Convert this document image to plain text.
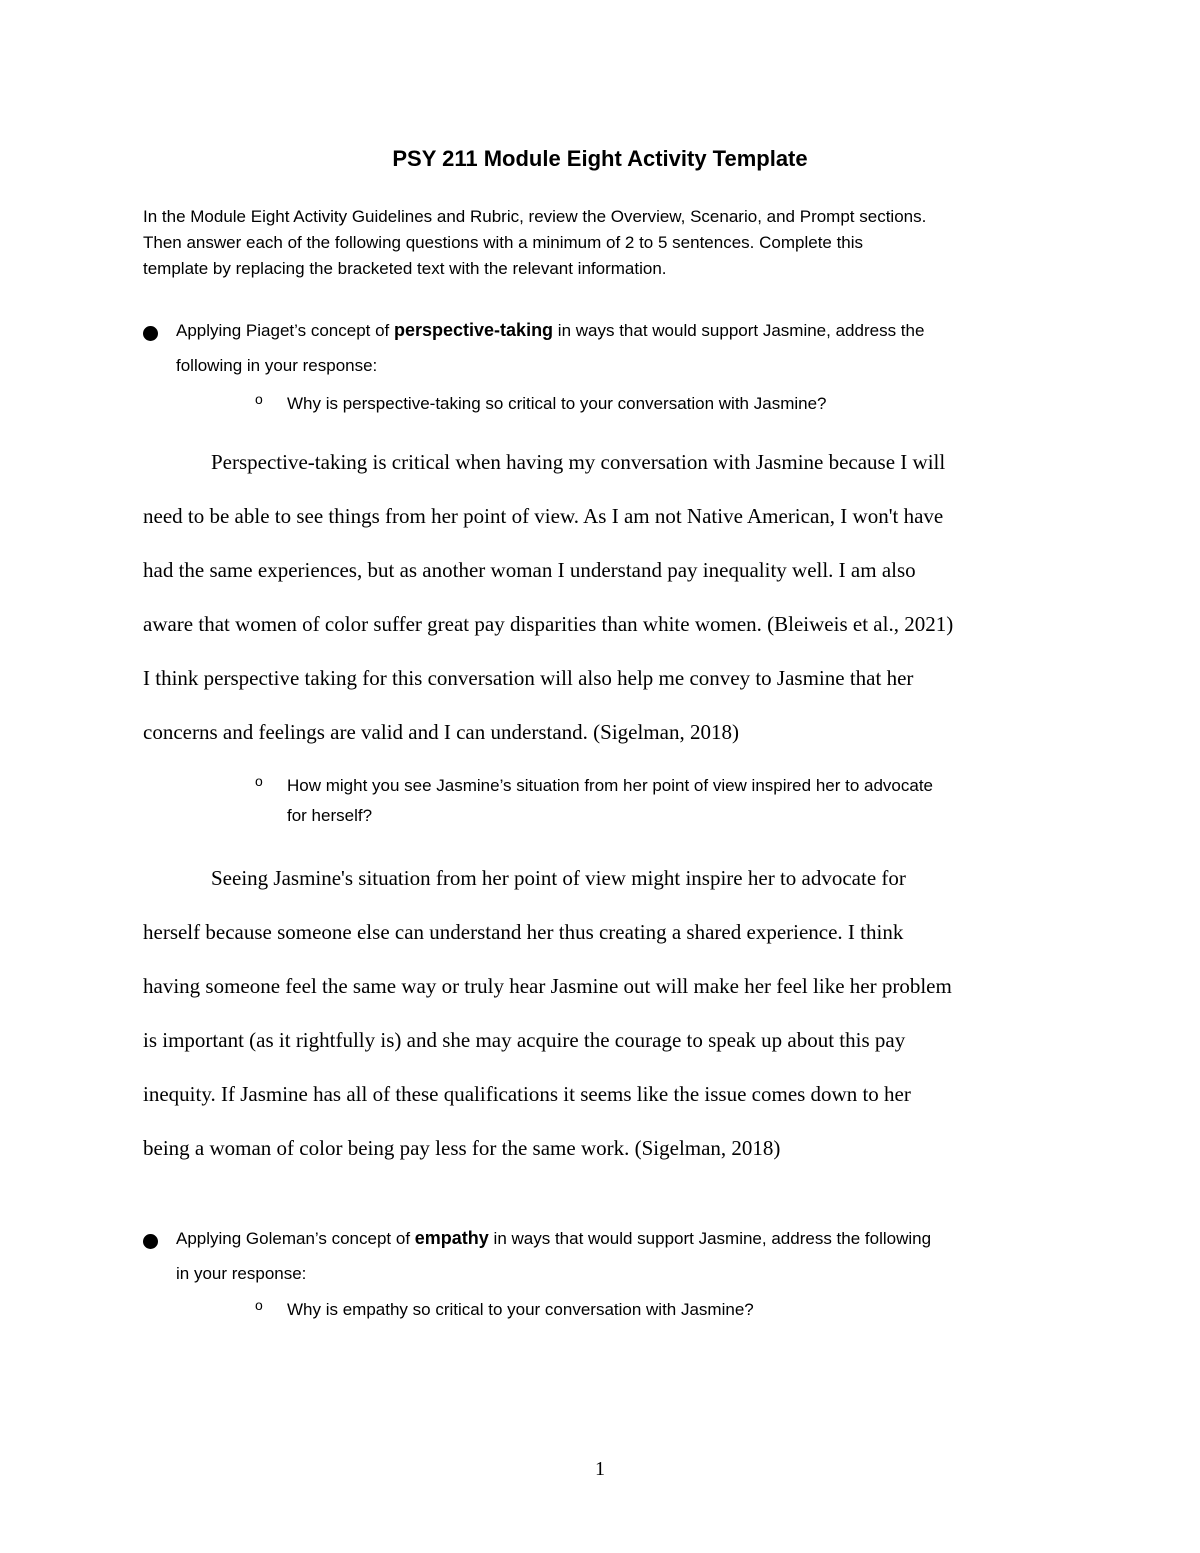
PSY 211 Module Eight Activity Template
In the Module Eight Activity Guidelines and Rubric, review the Overview, Scenario, and Prompt sections.
Then answer each of the following questions with a minimum of 2 to 5 sentences. Complete this
template by replacing the bracketed text with the relevant information.
Applying Piaget’s concept of perspective-taking in ways that would support Jasmine, address the
following in your response:
o Why is perspective-taking so critical to your conversation with Jasmine?
Perspective-taking is critical when having my conversation with Jasmine because I will
need to be able to see things from her point of view. As I am not Native American, I won't have
had the same experiences, but as another woman I understand pay inequality well. I am also
aware that women of color suffer great pay disparities than white women. (Bleiweis et al., 2021)
I think perspective taking for this conversation will also help me convey to Jasmine that her
concerns and feelings are valid and I can understand. (Sigelman, 2018)
o How might you see Jasmine’s situation from her point of view inspired her to advocate
for herself?
Seeing Jasmine's situation from her point of view might inspire her to advocate for
herself because someone else can understand her thus creating a shared experience. I think
having someone feel the same way or truly hear Jasmine out will make her feel like her problem
is important (as it rightfully is) and she may acquire the courage to speak up about this pay
inequity. If Jasmine has all of these qualifications it seems like the issue comes down to her
being a woman of color being pay less for the same work. (Sigelman, 2018)
Applying Goleman’s concept of empathy in ways that would support Jasmine, address the following
in your response:
o Why is empathy so critical to your conversation with Jasmine?
1
